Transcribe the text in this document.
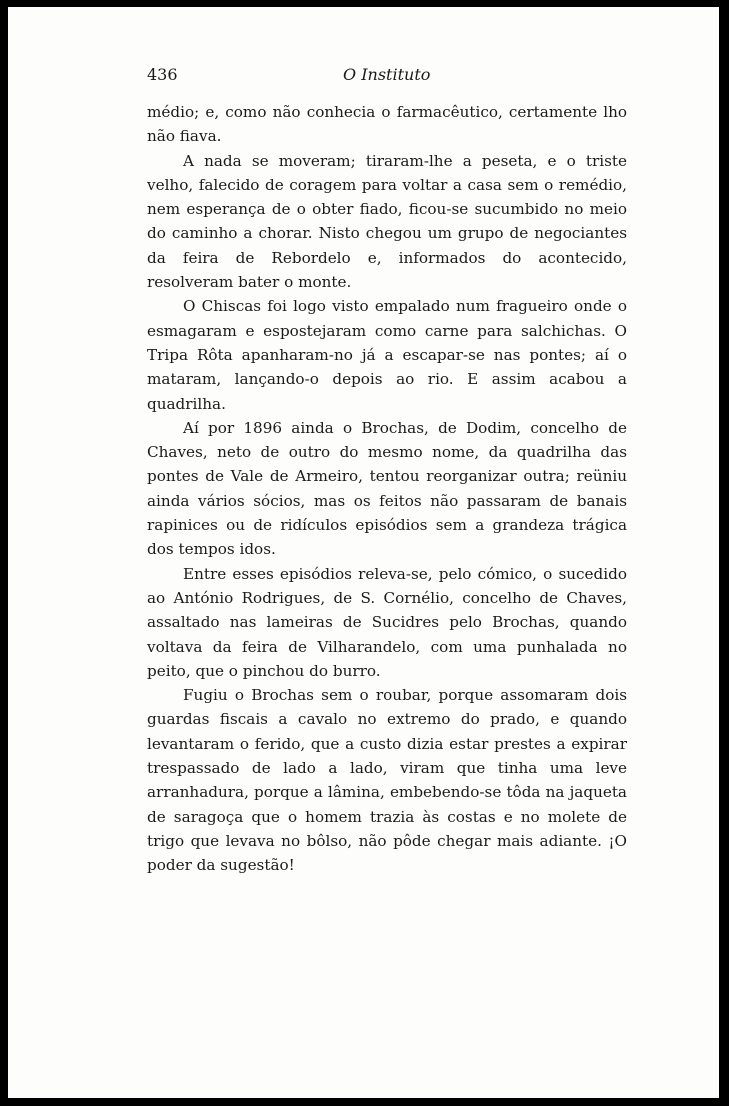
436	O Instituto

médio; e, como não conhecia o farmacêutico, certamente lho não fiava.

A nada se moveram; tiraram-lhe a peseta, e o triste velho, falecido de coragem para voltar a casa sem o remédio, nem esperança de o obter fiado, ficou-se sucumbido no meio do caminho a chorar. Nisto chegou um grupo de negociantes da feira de Rebordelo e, informados do acontecido, resolveram bater o monte.

O Chiscas foi logo visto empalado num fragueiro onde o esmagaram e espostejaram como carne para salchichas. O Tripa Rôta apanharam-no já a escapar-se nas pontes; aí o mataram, lançando-o depois ao rio. E assim acabou a quadrilha.

Aí por 1896 ainda o Brochas, de Dodim, concelho de Chaves, neto de outro do mesmo nome, da quadrilha das pontes de Vale de Armeiro, tentou reorganizar outra; reüniu ainda vários sócios, mas os feitos não passaram de banais rapinices ou de ridículos episódios sem a grandeza trágica dos tempos idos.

Entre esses episódios releva-se, pelo cómico, o sucedido ao António Rodrigues, de S. Cornélio, concelho de Chaves, assaltado nas lameiras de Sucidres pelo Brochas, quando voltava da feira de Vilharandelo, com uma punhalada no peito, que o pinchou do burro.

Fugiu o Brochas sem o roubar, porque assomaram dois guardas fiscais a cavalo no extremo do prado, e quando levantaram o ferido, que a custo dizia estar prestes a expirar trespassado de lado a lado, viram que tinha uma leve arranhadura, porque a lâmina, embebendo-se tôda na jaqueta de saragoça que o homem trazia às costas e no molete de trigo que levava no bôlso, não pôde chegar mais adiante. ¡O poder da sugestão!
